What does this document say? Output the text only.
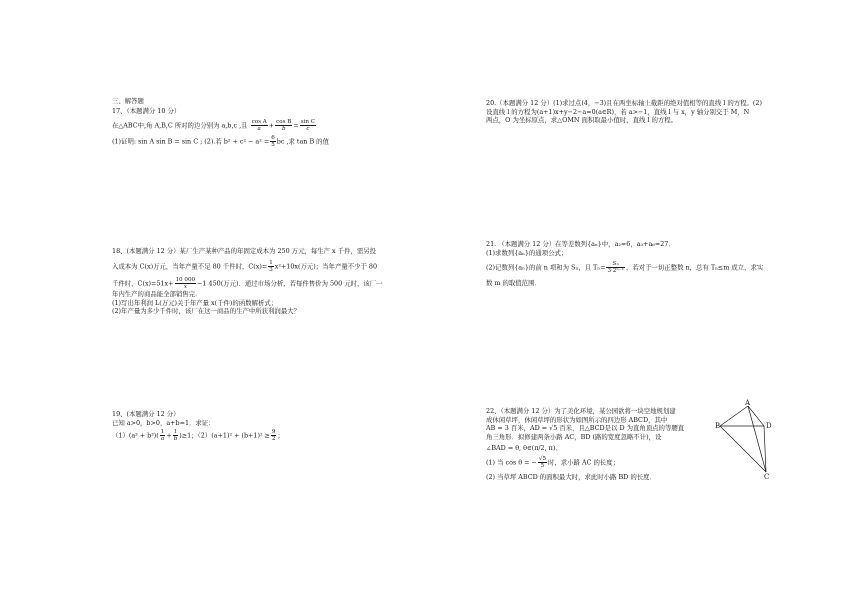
三、解答题
17、（本题满分 10 分）
在△ABC中,角 A,B,C 所对的边分别为 a,b,c ,且 $\frac{\text{cos A}}{a} + \frac{\text{cos B}}{b} = \frac{\text{sin C}}{c}$
(1)证明: sin A sin B = sin C ; (2).若 $b^2 + c^2 - a^2 = \frac{6}{5}$ bc ,求 tan B 的值
18、(本题满分 12 分）某厂生产某种产品的年固定成本为 250 万元，每生产 x 千件，需另投
入成本为 C(x)万元，当年产量不足 80 千件时，$C(x)= \frac{1}{3} x^2+10x$(万元)；当年产量不少于 80
千件时，$C(x)=51x+ \frac{10 000}{x} -1$ 450(万元)．通过市场分析，若每件售价为 500 元时，该厂一
年内生产的商品能全部销售完．
(1)写出年利润 L(万元)关于年产量 x(千件)的函数解析式；
(2)年产量为多少千件时，该厂在这一商品的生产中所获利润最大？
19、(本题满分 12 分）
已知 a>0，b>0，a+b=1．求证：
$(1)(a^3 + b^3)( \frac{1}{a} + \frac{1}{b} )\ge 1$；$(2)(a+1)^2 + (b+1)^2 \ge \frac{9}{2}$ ；
20.（本题满分 12 分）(1)求过点(4，−3)且在两坐标轴上截距的绝对值相等的直线 l 的方程。(2)
设直线 l 的方程为(a+1)x+y−2−a=0(a∈R)，若 a>−1，直线 l 与 x，y 轴分别交于 M，N
两点，O 为坐标原点，求△OMN 面积取最小值时，直线 l 的方程。
21. （本题满分 12 分）在等差数列{aₙ}中，a₂=6，a₃+a₆=27．
(1)求数列{aₙ}的通项公式；
(2)记数列{aₙ}的前 n 项和为 Sₙ，且 $T_n= \frac{\text{Sₙ}}{\text{3·2ⁿ⁻¹}}$ ，若对于一切正整数 n，总有 Tₙ≤m 成立，求实
数 m 的取值范围．
22、（本题满分 12 分）为了美化环境，某公园欲将一块空地规划建
成休闲草坪，休闲草坪的形状为如图所示的四边形 ABCD，其中
AB = 3 百米，AD = √5 百米，且△BCD是以 D 为直角顶点的等腰直
角三角形．拟修建两条小路 AC，BD (路的宽度忽略不计)，设
∠BAD = θ, θ∈(π/2, π)．
(1) 当 cos θ = − $\frac{√5}{5}$ 时，求小路 AC 的长度；
(2) 当草坪 ABCD 的面积最大时，求此时小路 BD 的长度．
A
B	D
C
